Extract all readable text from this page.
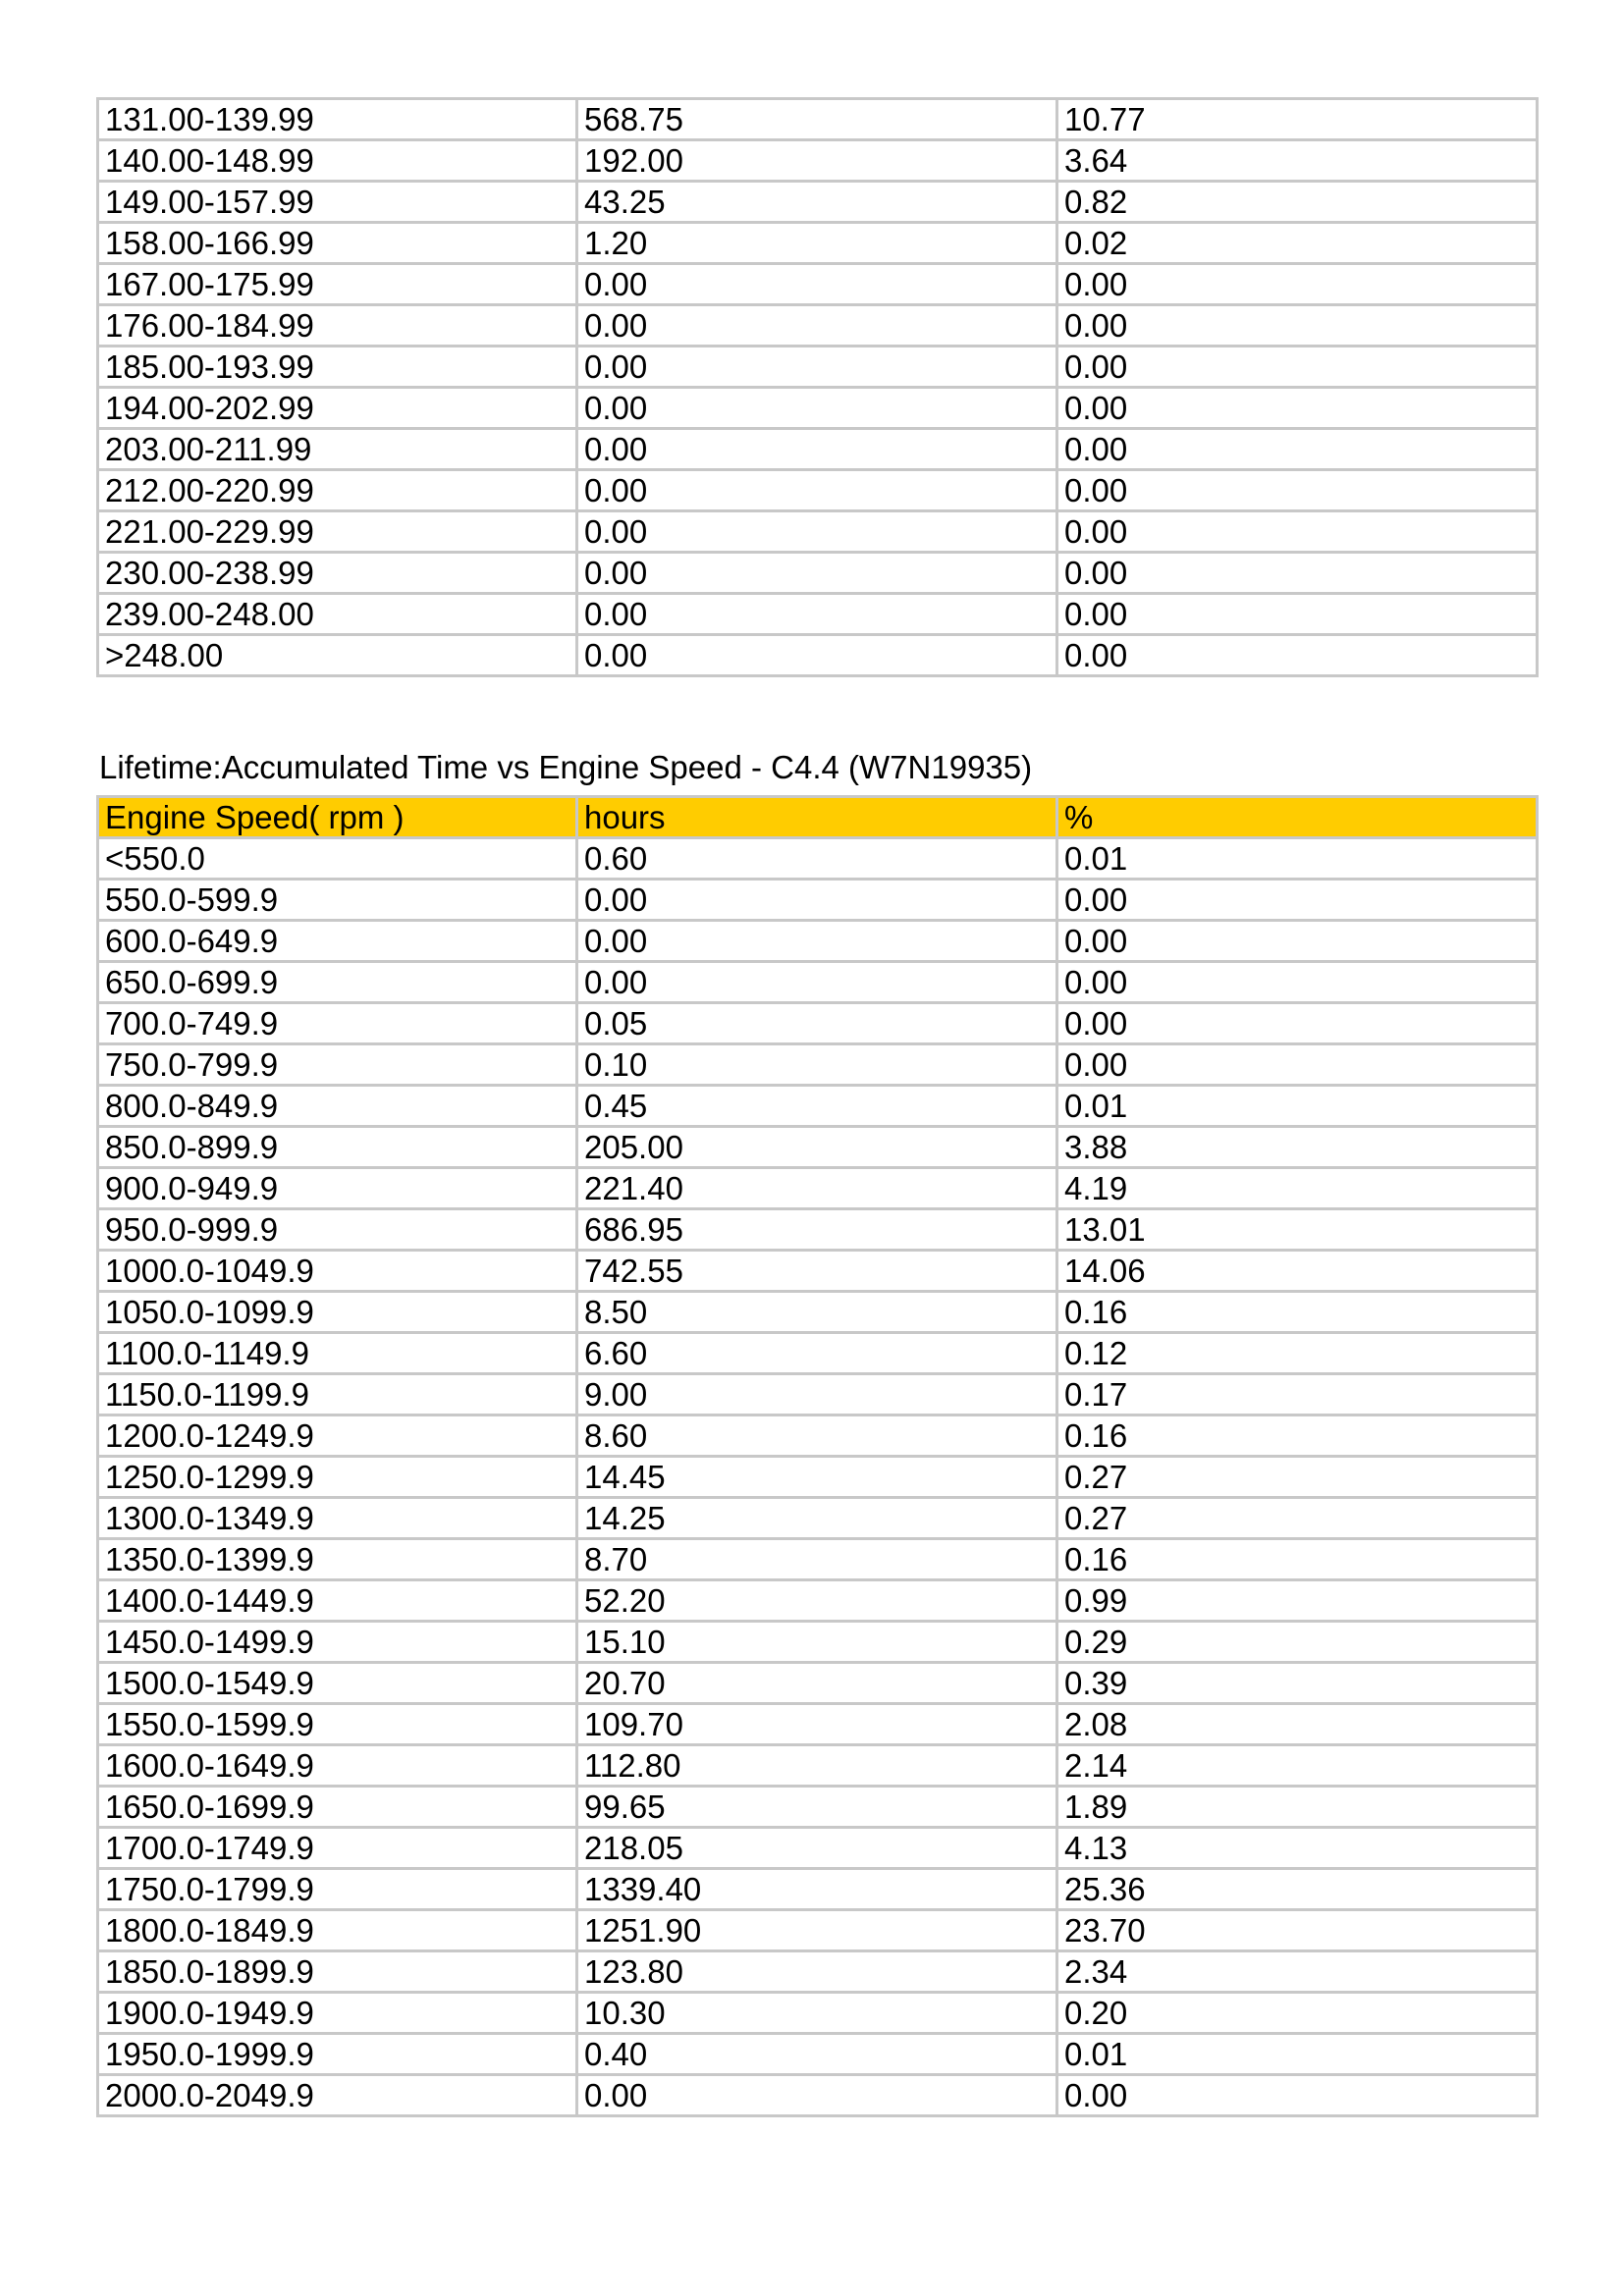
131.00-139.99	568.75	10.77
140.00-148.99	192.00	3.64
149.00-157.99	43.25	0.82
158.00-166.99	1.20	0.02
167.00-175.99	0.00	0.00
176.00-184.99	0.00	0.00
185.00-193.99	0.00	0.00
194.00-202.99	0.00	0.00
203.00-211.99	0.00	0.00
212.00-220.99	0.00	0.00
221.00-229.99	0.00	0.00
230.00-238.99	0.00	0.00
239.00-248.00	0.00	0.00
>248.00	0.00	0.00
Lifetime:Accumulated Time vs Engine Speed - C4.4 (W7N19935)
Engine Speed( rpm )	hours	%
<550.0	0.60	0.01
550.0-599.9	0.00	0.00
600.0-649.9	0.00	0.00
650.0-699.9	0.00	0.00
700.0-749.9	0.05	0.00
750.0-799.9	0.10	0.00
800.0-849.9	0.45	0.01
850.0-899.9	205.00	3.88
900.0-949.9	221.40	4.19
950.0-999.9	686.95	13.01
1000.0-1049.9	742.55	14.06
1050.0-1099.9	8.50	0.16
1100.0-1149.9	6.60	0.12
1150.0-1199.9	9.00	0.17
1200.0-1249.9	8.60	0.16
1250.0-1299.9	14.45	0.27
1300.0-1349.9	14.25	0.27
1350.0-1399.9	8.70	0.16
1400.0-1449.9	52.20	0.99
1450.0-1499.9	15.10	0.29
1500.0-1549.9	20.70	0.39
1550.0-1599.9	109.70	2.08
1600.0-1649.9	112.80	2.14
1650.0-1699.9	99.65	1.89
1700.0-1749.9	218.05	4.13
1750.0-1799.9	1339.40	25.36
1800.0-1849.9	1251.90	23.70
1850.0-1899.9	123.80	2.34
1900.0-1949.9	10.30	0.20
1950.0-1999.9	0.40	0.01
2000.0-2049.9	0.00	0.00
